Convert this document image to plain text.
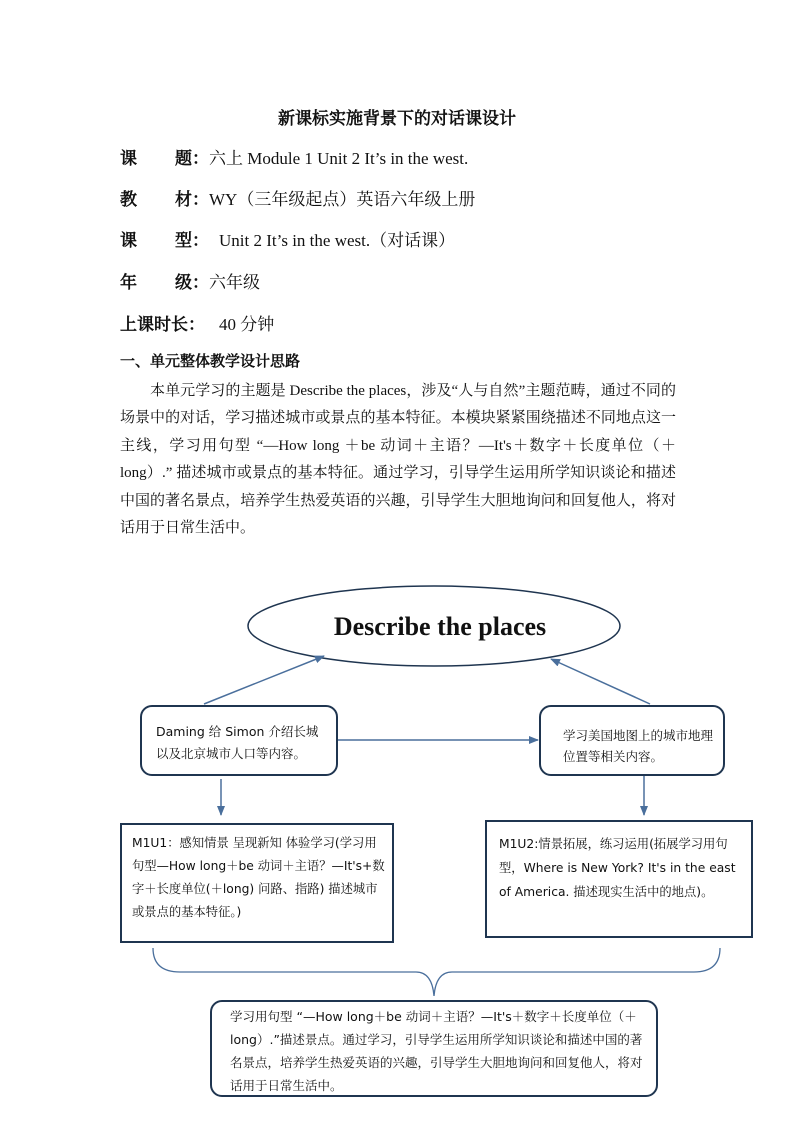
新课标实施背景下的对话课设计
课 题：六上 Module 1 Unit 2 It’s in the west.
教 材：WY（三年级起点）英语六年级上册
课 型： Unit 2 It’s in the west.（对话课）
年 级：六年级
上课时长： 40 分钟
一、单元整体教学设计思路
本单元学习的主题是 Describe the places，涉及“人与自然”主题范畴，通过不同的场景中的对话，学习描述城市或景点的基本特征。本模块紧紧围绕描述不同地点这一主线，学习用句型 “—How long ＋be 动词＋主语？—It's＋数字＋长度单位（＋long）.” 描述城市或景点的基本特征。通过学习，引导学生运用所学知识谈论和描述中国的著名景点，培养学生热爱英语的兴趣，引导学生大胆地询问和回复他人，将对话用于日常生活中。
Describe the places
Daming 给 Simon 介绍长城以及北京城市人口等内容。
学习美国地图上的城市地理位置等相关内容。
M1U1：感知情景 呈现新知 体验学习(学习用句型—How long＋be 动词＋主语？—It's+数字＋长度单位(＋long) 问路、指路) 描述城市或景点的基本特征。)
M1U2:情景拓展，练习运用(拓展学习用句型，Where is New York? It's in the east of America. 描述现实生活中的地点)。
学习用句型 “—How long＋be 动词＋主语？—It's＋数字＋长度单位（＋long）.”描述景点。通过学习，引导学生运用所学知识谈论和描述中国的著名景点，培养学生热爱英语的兴趣，引导学生大胆地询问和回复他人，将对话用于日常生活中。
